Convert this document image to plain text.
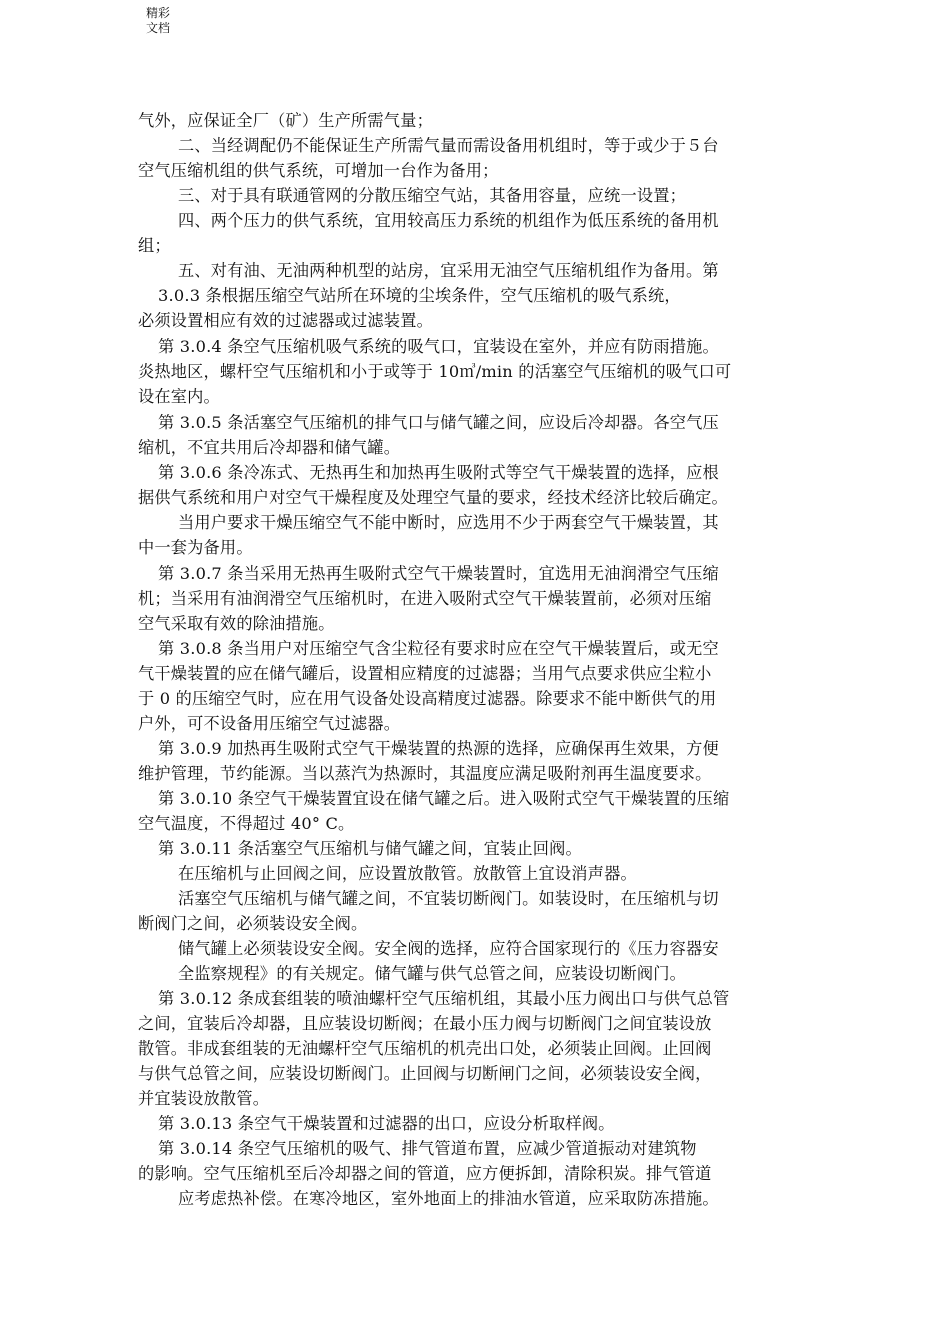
精彩文档
气外，应保证全厂（矿）生产所需气量；
二、当经调配仍不能保证生产所需气量而需设备用机组时，等于或少于５台
空气压缩机组的供气系统，可增加一台作为备用；
三、对于具有联通管网的分散压缩空气站，其备用容量，应统一设置；
四、两个压力的供气系统，宜用较高压力系统的机组作为低压系统的备用机
组；
五、对有油、无油两种机型的站房，宜采用无油空气压缩机组作为备用。第
3.0.3 条根据压缩空气站所在环境的尘埃条件，空气压缩机的吸气系统，
必须设置相应有效的过滤器或过滤装置。
第 3.0.4 条空气压缩机吸气系统的吸气口，宜装设在室外，并应有防雨措施。
炎热地区，螺杆空气压缩机和小于或等于 10㎥/min 的活塞空气压缩机的吸气口可
设在室内。
第 3.0.5 条活塞空气压缩机的排气口与储气罐之间，应设后冷却器。各空气压
缩机，不宜共用后冷却器和储气罐。
第 3.0.6 条冷冻式、无热再生和加热再生吸附式等空气干燥装置的选择，应根
据供气系统和用户对空气干燥程度及处理空气量的要求，经技术经济比较后确定。
当用户要求干燥压缩空气不能中断时，应选用不少于两套空气干燥装置，其
中一套为备用。
第 3.0.7 条当采用无热再生吸附式空气干燥装置时，宜选用无油润滑空气压缩
机；当采用有油润滑空气压缩机时，在进入吸附式空气干燥装置前，必须对压缩
空气采取有效的除油措施。
第 3.0.8 条当用户对压缩空气含尘粒径有要求时应在空气干燥装置后，或无空
气干燥装置的应在储气罐后，设置相应精度的过滤器；当用气点要求供应尘粒小
于 0 的压缩空气时，应在用气设备处设高精度过滤器。除要求不能中断供气的用
户外，可不设备用压缩空气过滤器。
第 3.0.9 加热再生吸附式空气干燥装置的热源的选择，应确保再生效果，方便
维护管理，节约能源。当以蒸汽为热源时，其温度应满足吸附剂再生温度要求。
第 3.0.10 条空气干燥装置宜设在储气罐之后。进入吸附式空气干燥装置的压缩
空气温度，不得超过 40° C。
第 3.0.11 条活塞空气压缩机与储气罐之间，宜装止回阀。
在压缩机与止回阀之间，应设置放散管。放散管上宜设消声器。
活塞空气压缩机与储气罐之间，不宜装切断阀门。如装设时，在压缩机与切
断阀门之间，必须装设安全阀。
储气罐上必须装设安全阀。安全阀的选择，应符合国家现行的《压力容器安
全监察规程》的有关规定。储气罐与供气总管之间，应装设切断阀门。
第 3.0.12 条成套组装的喷油螺杆空气压缩机组，其最小压力阀出口与供气总管
之间，宜装后冷却器，且应装设切断阀；在最小压力阀与切断阀门之间宜装设放
散管。非成套组装的无油螺杆空气压缩机的机壳出口处，必须装止回阀。止回阀
与供气总管之间，应装设切断阀门。止回阀与切断闸门之间，必须装设安全阀，
并宜装设放散管。
第 3.0.13 条空气干燥装置和过滤器的出口，应设分析取样阀。
第 3.0.14 条空气压缩机的吸气、排气管道布置，应减少管道振动对建筑物
的影响。空气压缩机至后冷却器之间的管道，应方便拆卸，清除积炭。排气管道
应考虑热补偿。在寒冷地区，室外地面上的排油水管道，应采取防冻措施。
